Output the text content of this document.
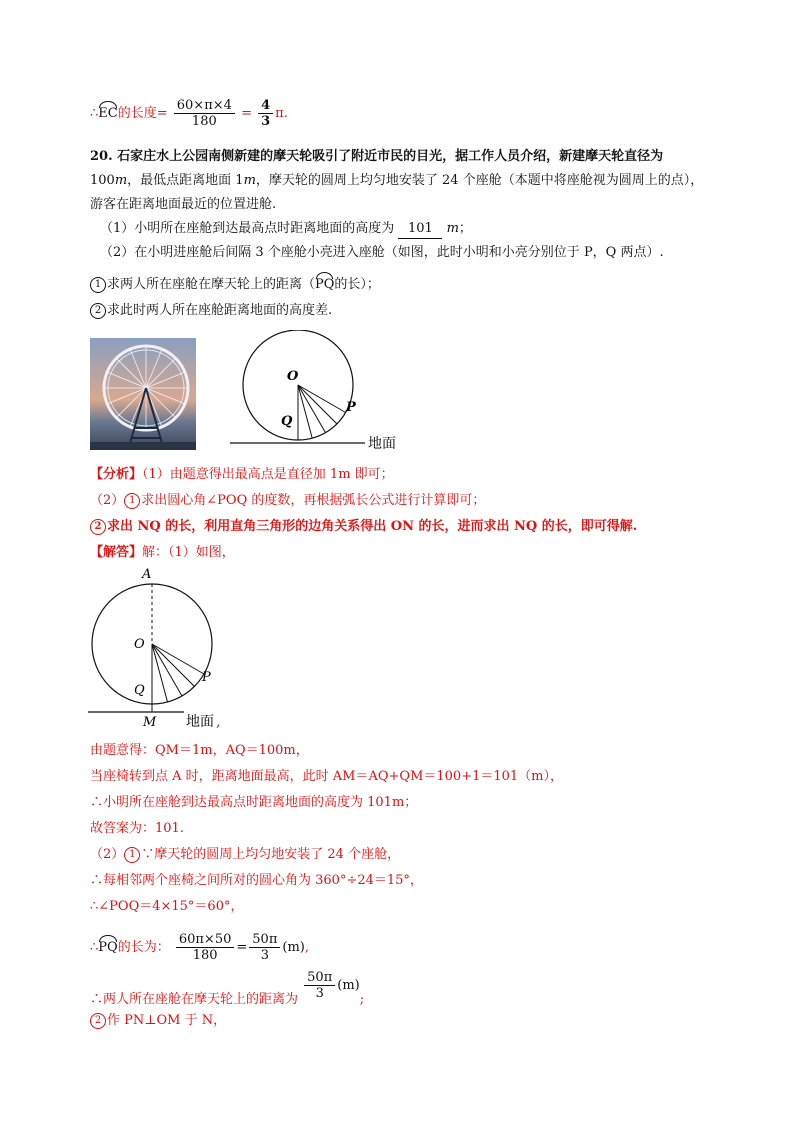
∴EC的长度= $\frac{60\times\pi\times 4}{180} = \frac{4}{3} \pi$.
20. 石家庄水上公园南侧新建的摩天轮吸引了附近市民的目光，据工作人员介绍，新建摩天轮直径为
100m，最低点距离地面 1m，摩天轮的圆周上均匀地安装了 24 个座舱（本题中将座舱视为圆周上的点），
游客在距离地面最近的位置进舱.
（1）小明所在座舱到达最高点时距离地面的高度为 101 m；
（2）在小明进座舱后间隔 3 个座舱小亮进入座舱（如图，此时小明和小亮分别位于 P，Q 两点）.
1 求两人所在座舱在摩天轮上的距离（PQ的长）；
2 求此时两人所在座舱距离地面的高度差.
O
P
Q
地面
【分析】（1）由题意得出最高点是直径加 1m 即可；
（2） 1 求出圆心角∠POQ 的度数，再根据弧长公式进行计算即可；
2 求出 NQ 的长，利用直角三角形的边角关系得出 ON 的长，进而求出 NQ 的长，即可得解.
【解答】解：（1）如图，
A
O
P
Q
M 地面 ,
由题意得：QM＝1m，AQ＝100m，
当座椅转到点 A 时，距离地面最高，此时 AM＝AQ+QM＝100+1＝101（m），
∴小明所在座舱到达最高点时距离地面的高度为 101m；
故答案为：101.
（2） 1 ∵摩天轮的圆周上均匀地安装了 24 个座舱，
∴每相邻两个座椅之间所对的圆心角为 360°÷24＝15°，
∴∠POQ＝4×15°＝60°，
∴PQ的长为： $\frac{60\pi\times 50}{180} = \frac{50\pi}{3} (m)$,
∴两人所在座舱在摩天轮上的距离为 $\frac{50\pi}{3} (m)$;
2 作 PN⊥OM 于 N，
